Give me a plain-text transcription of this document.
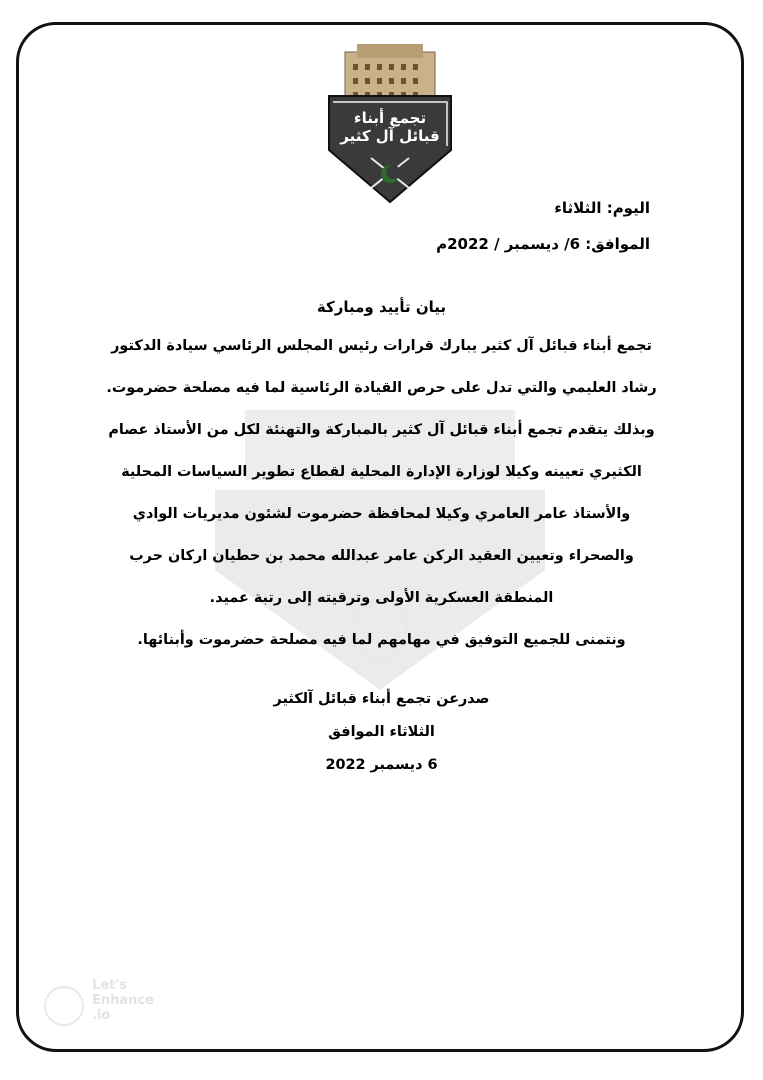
تجمع أبناء
قبائل آل كثير
اليوم: الثلاثاء
الموافق: 6/ ديسمبر / 2022م
بيان تأييد ومباركة
تجمع أبناء قبائل آل كثير يبارك قرارات رئيس المجلس الرئاسي سيادة الدكتور
رشاد العليمي والتي تدل على حرص القيادة الرئاسية لما فيه مصلحة حضرموت.
وبذلك يتقدم تجمع أبناء قبائل آل كثير بالمباركة والتهنئة لكل من الأستاذ عصام
الكثيري تعيينه وكيلا لوزارة الإدارة المحلية لقطاع تطوير السياسات المحلية
والأستاذ عامر العامري وكيلا لمحافظة حضرموت لشئون مديريات الوادي
والصحراء وتعيين العقيد الركن عامر عبدالله محمد بن حطيان اركان حرب
المنطقة العسكرية الأولى وترقيته إلى رتبة عميد.
ونتمنى للجميع التوفيق في مهامهم لما فيه مصلحة حضرموت وأبنائها.
صدرعن تجمع أبناء قبائل آلكثير
الثلاثاء الموافق
6 ديسمبر 2022
Let's
Enhance
.io
